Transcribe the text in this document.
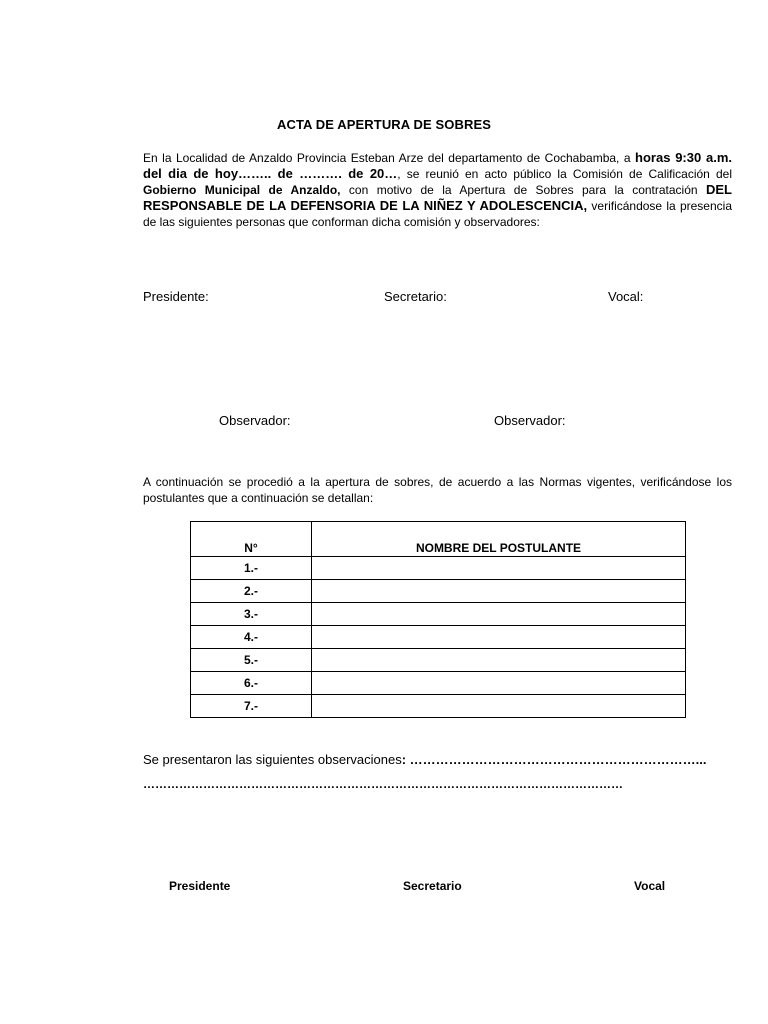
ACTA DE APERTURA DE SOBRES

En la Localidad de Anzaldo Provincia Esteban Arze del departamento de Cochabamba, a horas 9:30 a.m. del dia de hoy…….. de ………. de 20…, se reunió en acto público la Comisión de Calificación del Gobierno Municipal de Anzaldo, con motivo de la Apertura de Sobres para la contratación DEL RESPONSABLE DE LA DEFENSORIA DE LA NIÑEZ Y ADOLESCENCIA, verificándose la presencia de las siguientes personas que conforman dicha comisión y observadores:

Presidente:	Secretario:	Vocal:
Observador:	Observador:

A continuación se procedió a la apertura de sobres, de acuerdo a las Normas vigentes, verificándose los postulantes que a continuación se detallan:

N°	NOMBRE DEL POSTULANTE
1.-	
2.-	
3.-	
4.-	
5.-	
6.-	
7.-	
Se presentaron las siguientes observaciones: …………………………………………………………...
…………………………………………………………………………………………………………
Presidente	Secretario	Vocal
